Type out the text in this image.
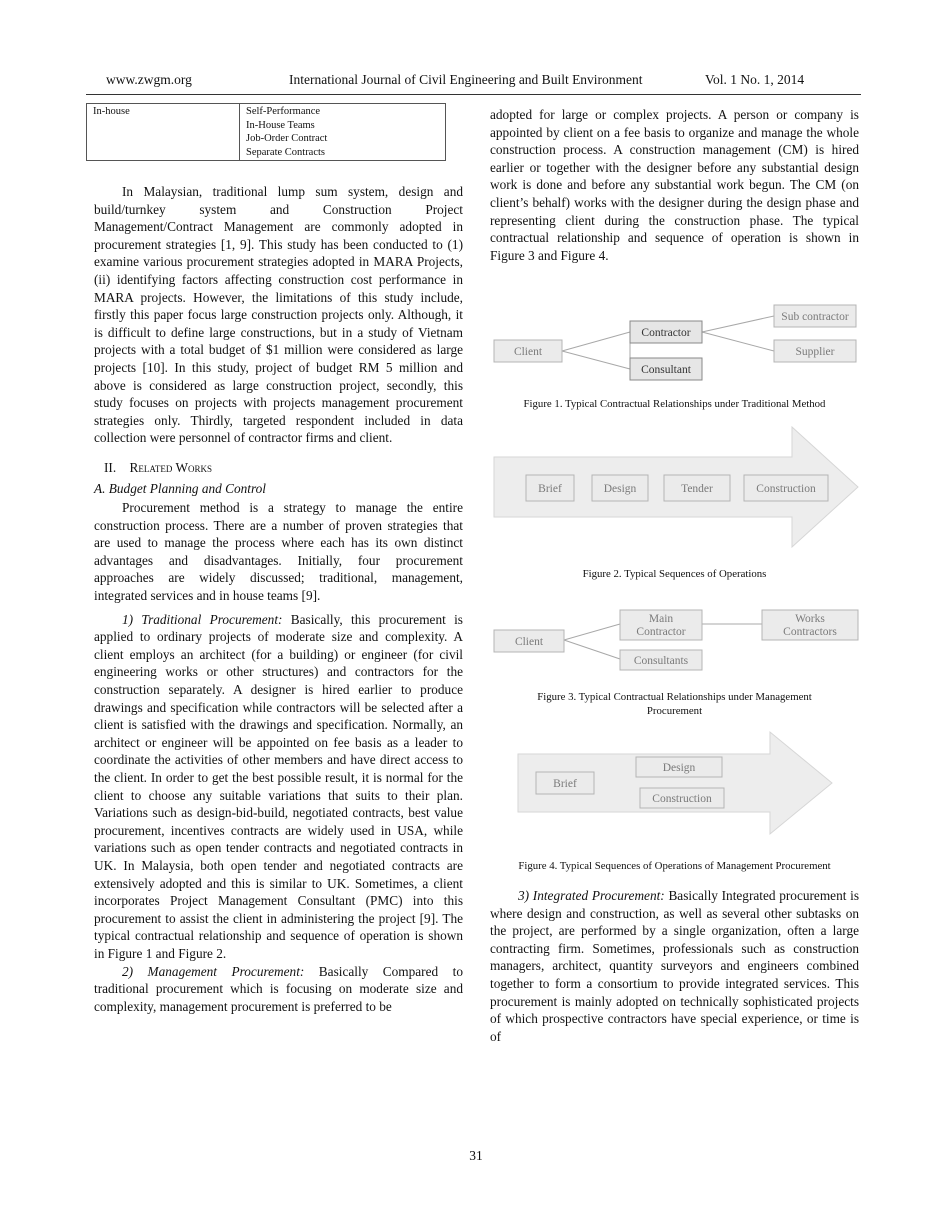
www.zwgm.org	International Journal of Civil Engineering and Built Environment	Vol. 1 No. 1, 2014
In-house	Self-Performance
In-House Teams
Job-Order Contract
Separate Contracts

In Malaysian, traditional lump sum system, design and build/turnkey system and Construction Project Management/Contract Management are commonly adopted in procurement strategies [1, 9]. This study has been conducted to (1) examine various procurement strategies adopted in MARA Projects, (ii) identifying factors affecting construction cost performance in MARA projects. However, the limitations of this study include, firstly this paper focus large construction projects only. Although, it is difficult to define large constructions, but in a study of Vietnam projects with a total budget of $1 million were considered as large projects [10]. In this study, project of budget RM 5 million and above is considered as large construction project, secondly, this study focuses on projects with projects management procurement strategies only. Thirdly, targeted respondent included in data collection were personnel of contractor firms and client.

II. Related Works
A. Budget Planning and Control

Procurement method is a strategy to manage the entire construction process. There are a number of proven strategies that are used to manage the process where each has its own distinct advantages and disadvantages. Initially, four procurement approaches are widely discussed; traditional, management, integrated services and in house teams [9].

1) Traditional Procurement: Basically, this procurement is applied to ordinary projects of moderate size and complexity. A client employs an architect (for a building) or engineer (for civil engineering works or other structures) and contractors for the construction separately. A designer is hired earlier to produce drawings and specification while contractors will be selected after a client is satisfied with the drawings and specification. Normally, an architect or engineer will be appointed on fee basis as a leader to coordinate the activities of other members and have direct access to the client. In order to get the best possible result, it is normal for the client to choose any suitable variations that suits to their plan. Variations such as design-bid-build, negotiated contracts, best value procurement, incentives contracts are widely used in USA, while variations such as open tender contracts and negotiated contracts in UK. In Malaysia, both open tender and negotiated contracts are extensively adopted and this is similar to UK. Sometimes, a client incorporates Project Management Consultant (PMC) into this procurement to assist the client in administering the project [9]. The typical contractual relationship and sequence of operation is shown in Figure 1 and Figure 2.

2) Management Procurement: Basically Compared to traditional procurement which is focusing on moderate size and complexity, management procurement is preferred to be

adopted for large or complex projects. A person or company is appointed by client on a fee basis to organize and manage the whole construction process. A construction management (CM) is hired earlier or together with the designer before any substantial design work is done and before any substantial work begun. The CM (on client’s behalf) works with the designer during the design phase and representing client during the construction phase. The typical contractual relationship and sequence of operation is shown in Figure 3 and Figure 4.

Client
Contractor
Consultant
Sub contractor
Supplier
Figure 1. Typical Contractual Relationships under Traditional Method
Brief	Design	Tender	Construction
Figure 2. Typical Sequences of Operations
Client
Main
Contractor
Consultants
Works
Contractors
Figure 3. Typical Contractual Relationships under Management
Procurement
Brief
Design
Construction
Figure 4. Typical Sequences of Operations of Management Procurement

3) Integrated Procurement: Basically Integrated procurement is where design and construction, as well as several other subtasks on the project, are performed by a single organization, often a large contracting firm. Sometimes, professionals such as construction managers, architect, quantity surveyors and engineers combined together to form a consortium to provide integrated services. This procurement is mainly adopted on technically sophisticated projects of which prospective contractors have special experience, or time is of

31
